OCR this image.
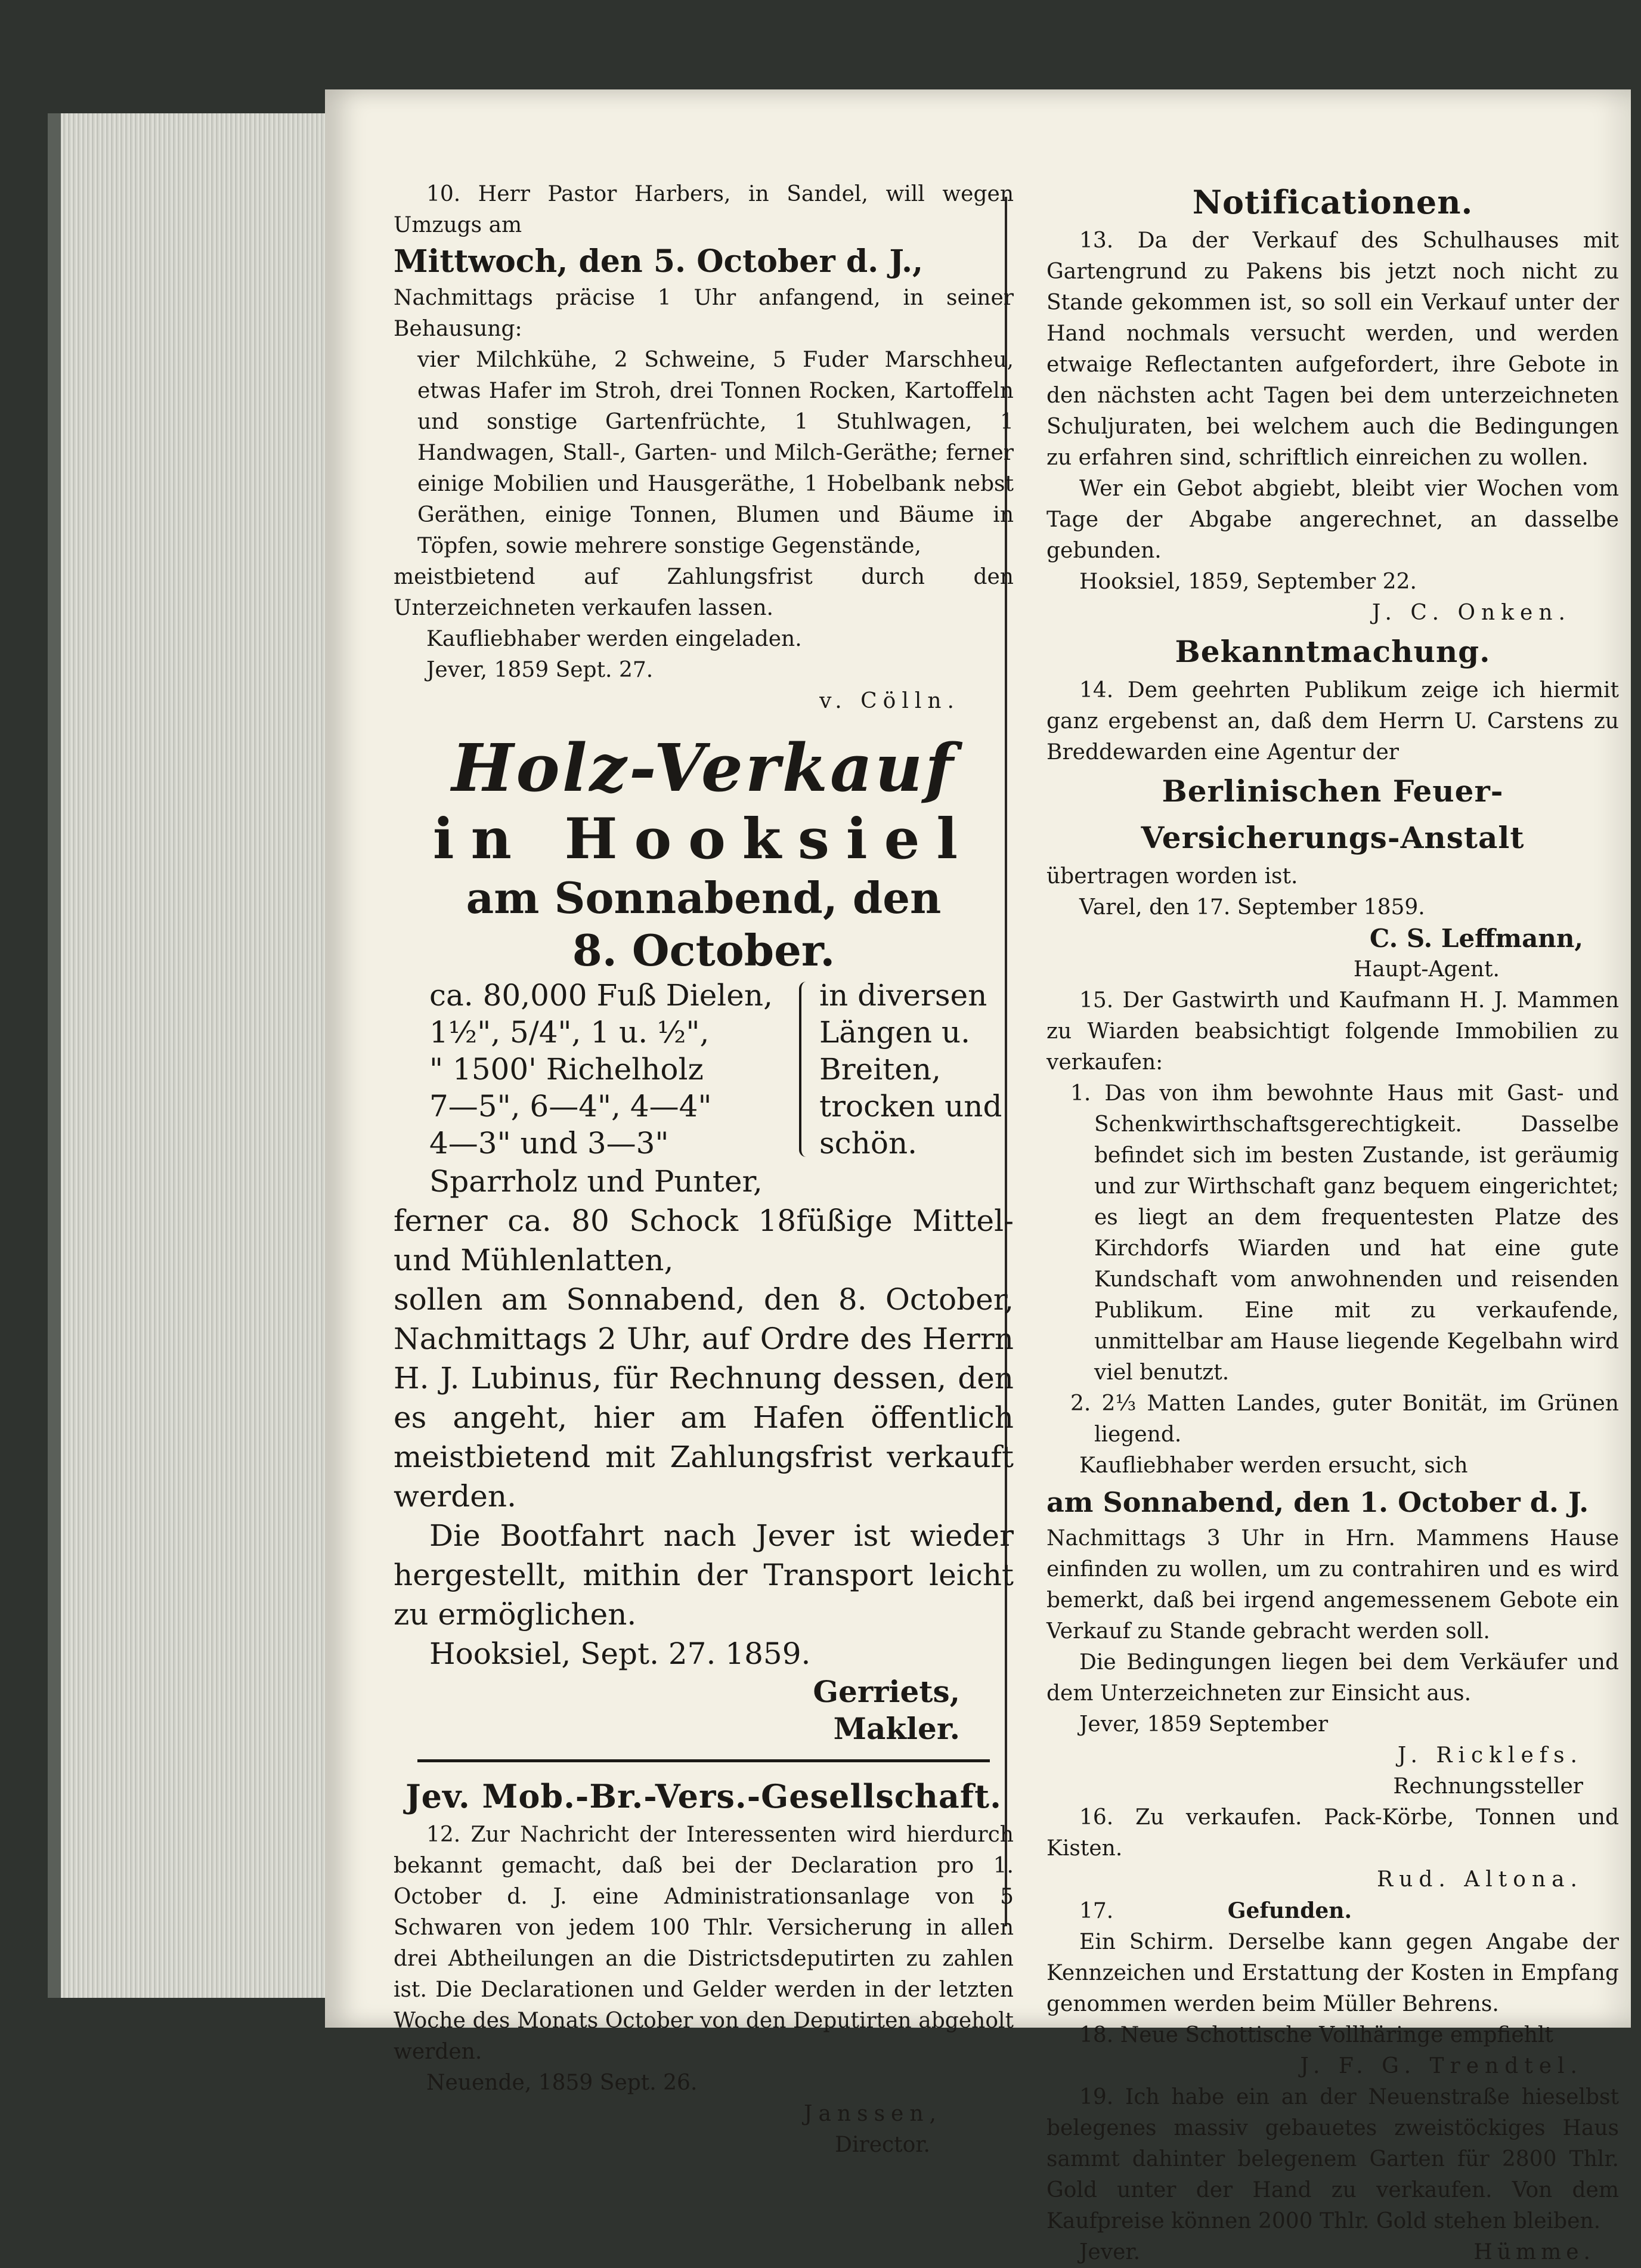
10. Herr Pastor Harbers, in Sandel, will wegen Umzugs am

Mittwoch, den 5. October d. J.,

Nachmittags präcise 1 Uhr anfangend, in seiner Behausung:

vier Milchkühe, 2 Schweine, 5 Fuder Marschheu, etwas Hafer im Stroh, drei Tonnen Rocken, Kartoffeln und sonstige Gartenfrüchte, 1 Stuhlwagen, 1 Handwagen, Stall-, Garten- und Milch-Geräthe; ferner einige Mobilien und Hausgeräthe, 1 Hobelbank nebst Geräthen, einige Tonnen, Blumen und Bäume in Töpfen, sowie mehrere sonstige Gegenstände,

meistbietend auf Zahlungsfrist durch den Unterzeichneten verkaufen lassen.

Kaufliebhaber werden eingeladen.

Jever, 1859 Sept. 27.

v. Cölln.

Holz-Verkauf

in Hooksiel

am Sonnabend, den

8. October.

ca. 80,000 Fuß Dielen,

1½", 5/4", 1 u. ½",

" 1500' Richelholz

7—5", 6—4", 4—4"

4—3" und 3—3"

in diversen

Längen u.

Breiten,

trocken und

schön.

Sparrholz und Punter,

ferner ca. 80 Schock 18füßige Mittel- und Mühlenlatten,

sollen am Sonnabend, den 8. October, Nachmittags 2 Uhr, auf Ordre des Herrn H. J. Lubinus, für Rechnung dessen, den es angeht, hier am Hafen öffentlich meistbietend mit Zahlungsfrist verkauft werden.

Die Bootfahrt nach Jever ist wieder hergestellt, mithin der Transport leicht zu ermöglichen.

Hooksiel, Sept. 27. 1859.

Gerriets,

Makler.

Jev. Mob.-Br.-Vers.-Gesellschaft.

12. Zur Nachricht der Interessenten wird hierdurch bekannt gemacht, daß bei der Declaration pro 1. October d. J. eine Administrationsanlage von 5 Schwaren von jedem 100 Thlr. Versicherung in allen drei Abtheilungen an die Districtsdeputirten zu zahlen ist. Die Declarationen und Gelder werden in der letzten Woche des Monats October von den Deputirten abgeholt werden.

Neuende, 1859 Sept. 26.

Janssen,

Director.

Notificationen.

13. Da der Verkauf des Schulhauses mit Gartengrund zu Pakens bis jetzt noch nicht zu Stande gekommen ist, so soll ein Verkauf unter der Hand nochmals versucht werden, und werden etwaige Reflectanten aufgefordert, ihre Gebote in den nächsten acht Tagen bei dem unterzeichneten Schuljuraten, bei welchem auch die Bedingungen zu erfahren sind, schriftlich einreichen zu wollen.

Wer ein Gebot abgiebt, bleibt vier Wochen vom Tage der Abgabe angerechnet, an dasselbe gebunden.

Hooksiel, 1859, September 22.

J. C. Onken.

Bekanntmachung.

14. Dem geehrten Publikum zeige ich hiermit ganz ergebenst an, daß dem Herrn U. Carstens zu Breddewarden eine Agentur der

Berlinischen Feuer-Versicherungs-Anstalt

übertragen worden ist.

Varel, den 17. September 1859.

C. S. Leffmann,

Haupt-Agent.

15. Der Gastwirth und Kaufmann H. J. Mammen zu Wiarden beabsichtigt folgende Immobilien zu verkaufen:

1. Das von ihm bewohnte Haus mit Gast- und Schenkwirthschaftsgerechtigkeit. Dasselbe befindet sich im besten Zustande, ist geräumig und zur Wirthschaft ganz bequem eingerichtet; es liegt an dem frequentesten Platze des Kirchdorfs Wiarden und hat eine gute Kundschaft vom anwohnenden und reisenden Publikum. Eine mit zu verkaufende, unmittelbar am Hause liegende Kegelbahn wird viel benutzt.

2. 2⅓ Matten Landes, guter Bonität, im Grünen liegend.

Kaufliebhaber werden ersucht, sich

am Sonnabend, den 1. October d. J.

Nachmittags 3 Uhr in Hrn. Mammens Hause einfinden zu wollen, um zu contrahiren und es wird bemerkt, daß bei irgend angemessenem Gebote ein Verkauf zu Stande gebracht werden soll.

Die Bedingungen liegen bei dem Verkäufer und dem Unterzeichneten zur Einsicht aus.

Jever, 1859 September

J. Ricklefs.

Rechnungssteller

16. Zu verkaufen. Pack-Körbe, Tonnen und Kisten.

Rud. Altona.

17.	Gefunden.

Ein Schirm. Derselbe kann gegen Angabe der Kennzeichen und Erstattung der Kosten in Empfang genommen werden beim Müller Behrens.

18. Neue Schottische Vollhäringe empfiehlt

J. F. G. Trendtel.

19. Ich habe ein an der Neuenstraße hieselbst belegenes massiv gebauetes zweistöckiges Haus sammt dahinter belegenem Garten für 2800 Thlr. Gold unter der Hand zu verkaufen. Von dem Kaufpreise können 2000 Thlr. Gold stehen bleiben.

Jever.	Hümme.
